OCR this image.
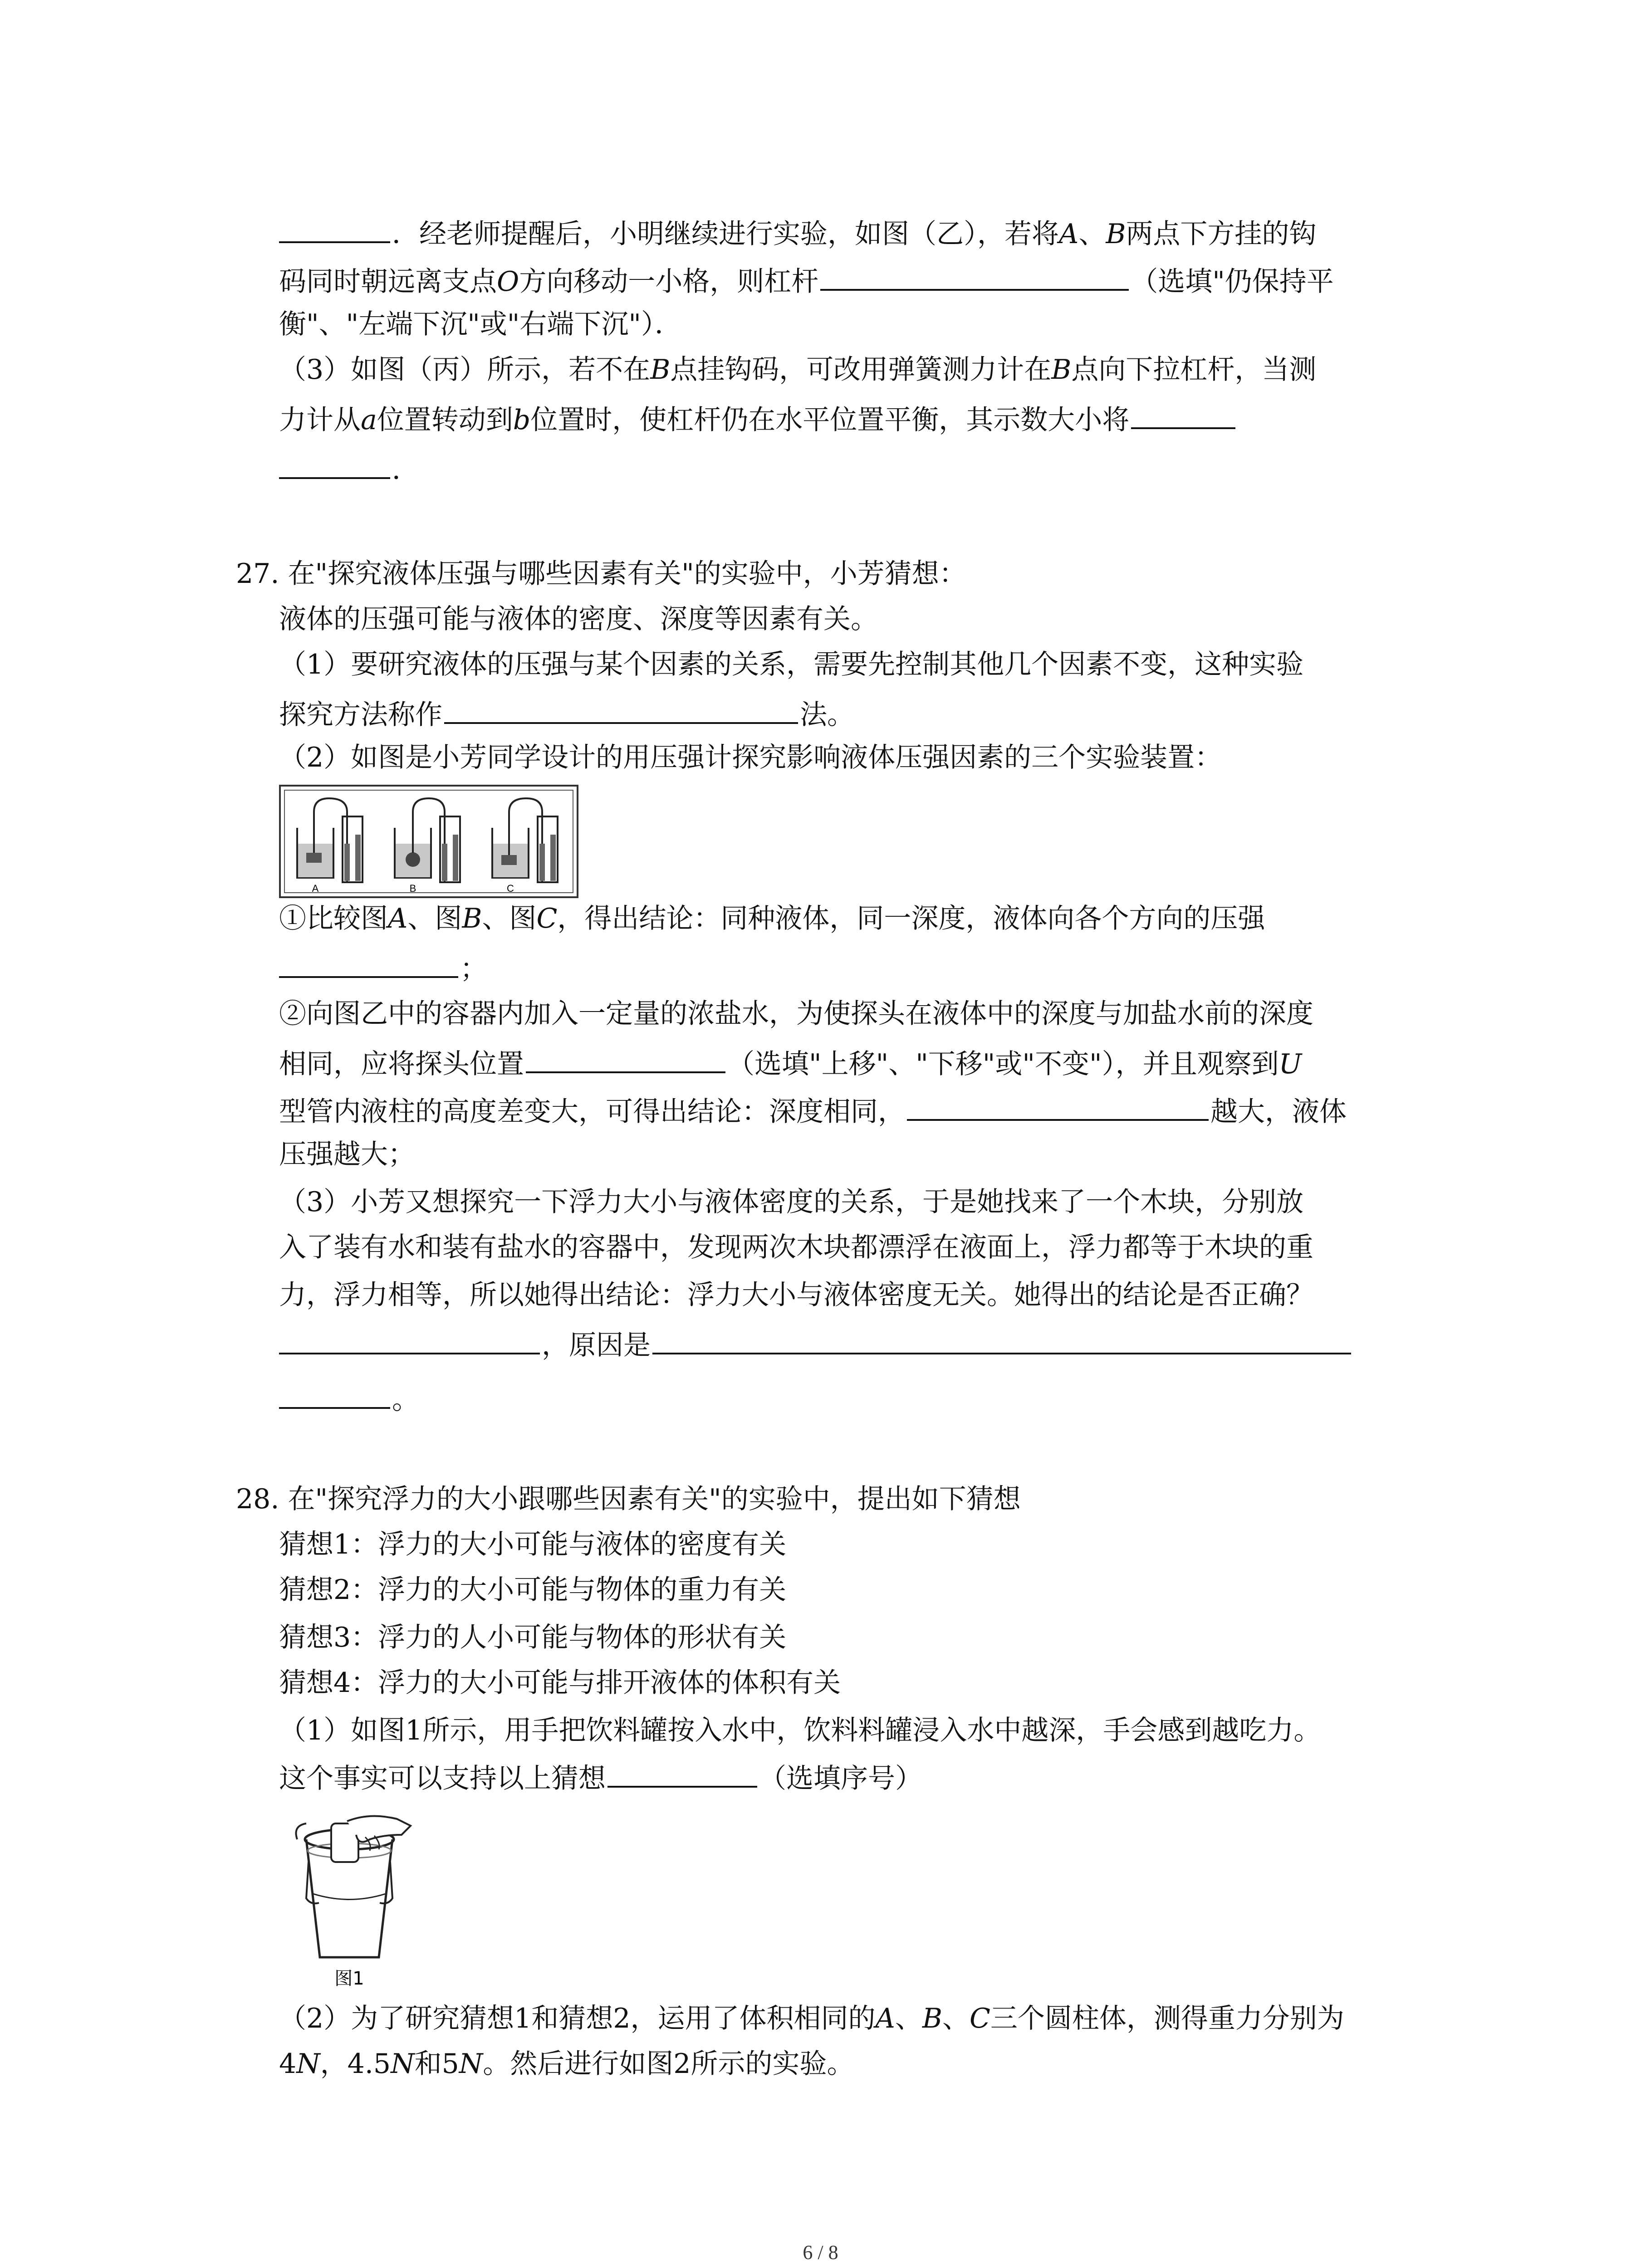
．经老师提醒后，小明继续进行实验，如图（乙），若将A、B两点下方挂的钩
码同时朝远离支点O方向移动一小格，则杠杆	（选填"仍保持平
衡"、"左端下沉"或"右端下沉"）．
（3）如图（丙）所示，若不在B点挂钩码，可改用弹簧测力计在B点向下拉杠杆，当测
力计从a位置转动到b位置时，使杠杆仍在水平位置平衡，其示数大小将
．
27. 在"探究液体压强与哪些因素有关"的实验中，小芳猜想：
液体的压强可能与液体的密度、深度等因素有关。
（1）要研究液体的压强与某个因素的关系，需要先控制其他几个因素不变，这种实验
探究方法称作	法。
（2）如图是小芳同学设计的用压强计探究影响液体压强因素的三个实验装置：
A	B	C
①比较图A、图B、图C，得出结论：同种液体，同一深度，液体向各个方向的压强
；
②向图乙中的容器内加入一定量的浓盐水，为使探头在液体中的深度与加盐水前的深度
相同，应将探头位置	（选填"上移"、"下移"或"不变"），并且观察到U
型管内液柱的高度差变大，可得出结论：深度相同，	越大，液体
压强越大；
（3）小芳又想探究一下浮力大小与液体密度的关系，于是她找来了一个木块，分别放
入了装有水和装有盐水的容器中，发现两次木块都漂浮在液面上，浮力都等于木块的重
力，浮力相等，所以她得出结论：浮力大小与液体密度无关。她得出的结论是否正确？
，原因是
。
28. 在"探究浮力的大小跟哪些因素有关"的实验中，提出如下猜想
猜想1：浮力的大小可能与液体的密度有关
猜想2：浮力的大小可能与物体的重力有关
猜想3：浮力的人小可能与物体的形状有关
猜想4：浮力的大小可能与排开液体的体积有关
（1）如图1所示，用手把饮料罐按入水中，饮料料罐浸入水中越深，手会感到越吃力。
这个事实可以支持以上猜想	（选填序号）
图1
（2）为了研究猜想1和猜想2，运用了体积相同的A、B、C三个圆柱体，测得重力分别为
4N，4.5N和5N。然后进行如图2所示的实验。
6 / 8
